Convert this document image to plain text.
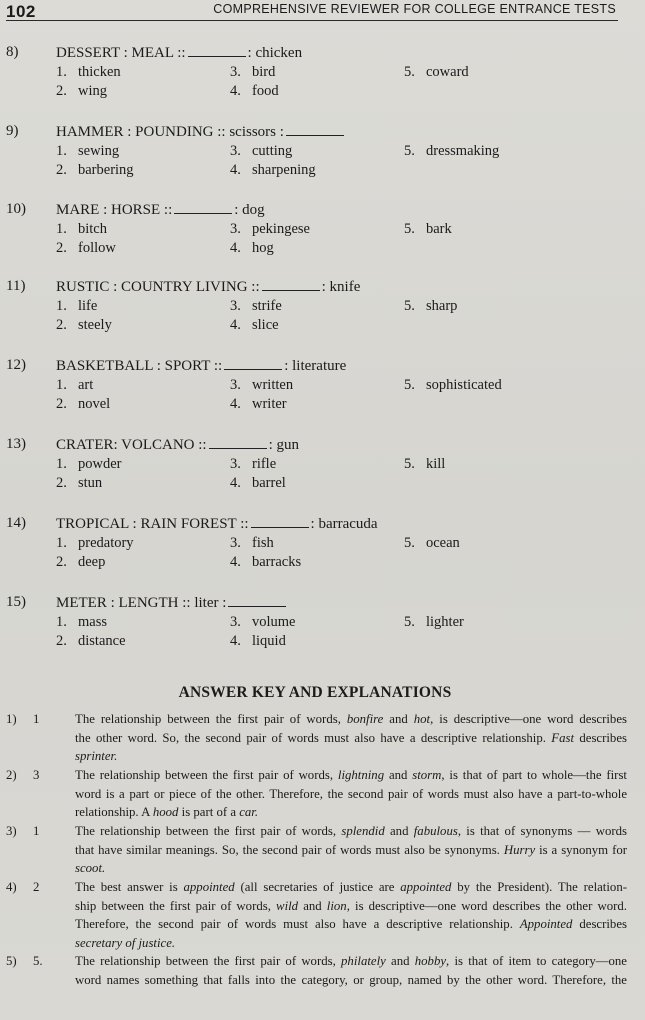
102	COMPREHENSIVE REVIEWER FOR COLLEGE ENTRANCE TESTS
8)	DESSERT : MEAL ::	: chicken
1. thicken
2. wing
3. bird
4. food
5. coward
9)	HAMMER : POUNDING :: scissors :
1. sewing
2. barbering
3. cutting
4. sharpening
5. dressmaking
10) MARE : HORSE ::	: dog
1. bitch
2. follow
3. pekingese
4. hog
5. bark
11) RUSTIC : COUNTRY LIVING ::	: knife
1. life
2. steely
3. strife
4. slice
5. sharp
12) BASKETBALL : SPORT ::	: literature
1. art
2. novel
3. written
4. writer
5. sophisticated
13) CRATER: VOLCANO ::	: gun
1. powder
2. stun
3. rifle
4. barrel
5. kill
14) TROPICAL : RAIN FOREST ::	: barracuda
1. predatory
2. deep
3. fish
4. barracks
5. ocean
15) METER : LENGTH :: liter :
1. mass
2. distance
3. volume
4. liquid
5. lighter
ANSWER KEY AND EXPLANATIONS
1) 1	The relationship between the first pair of words, bonfire and hot, is descriptive—one word describes
the other word. So, the second pair of words must also have a descriptive relationship. Fast describes
sprinter.
2) 3	The relationship between the first pair of words, lightning and storm, is that of part to whole—the first
word is a part or piece of the other. Therefore, the second pair of words must also have a part-to-whole
relationship. A hood is part of a car.
3) 1	The relationship between the first pair of words, splendid and fabulous, is that of synonyms — words
that have similar meanings. So, the second pair of words must also be synonyms. Hurry is a synonym for
scoot.
4) 2	The best answer is appointed (all secretaries of justice are appointed by the President). The relation-
ship between the first pair of words, wild and lion, is descriptive—one word describes the other word.
Therefore, the second pair of words must also have a descriptive relationship. Appointed describes
secretary of justice.
5) 5.	The relationship between the first pair of words, philately and hobby, is that of item to category—one
word names something that falls into the category, or group, named by the other word. Therefore, the
